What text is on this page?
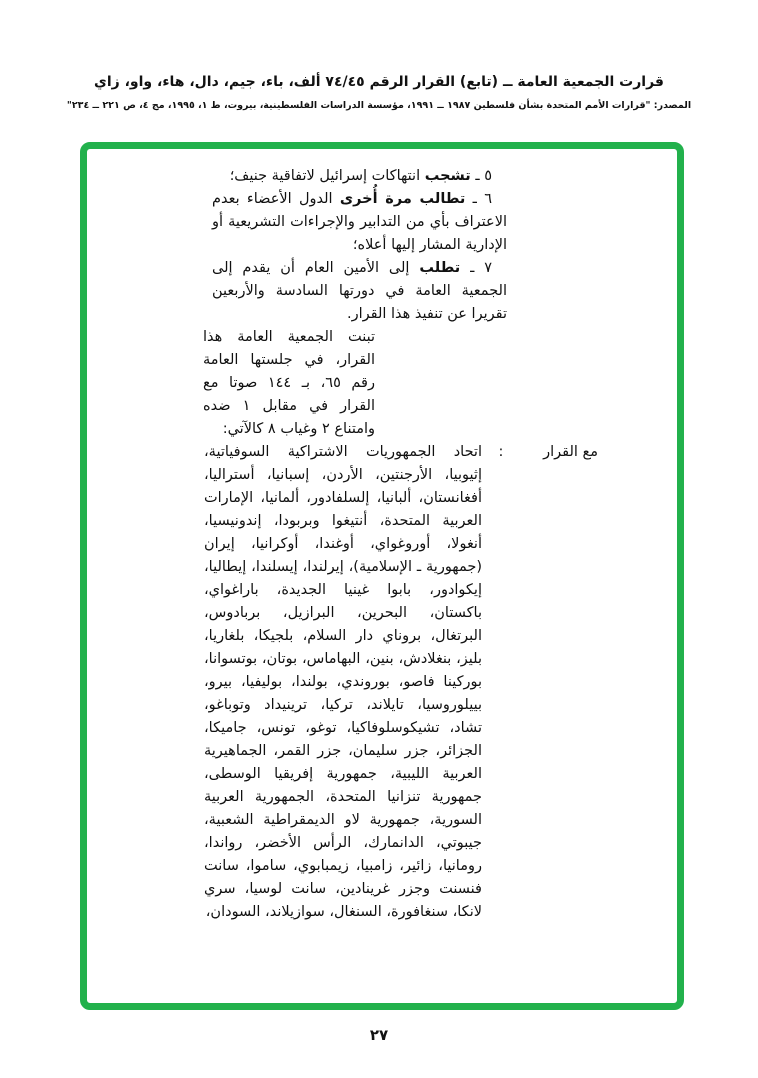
قرارت الجمعية العامة ــ (تابع) القرار الرقم ٧٤/٤٥ ألف، باء، جيم، دال، هاء، واو، زاي

المصدر: "قرارات الأمم المتحدة بشأن فلسطين ١٩٨٧ ــ ١٩٩١، مؤسسة الدراسات الفلسطينية، بيروت، ط ١، ١٩٩٥، مج ٤، ص ٢٢١ ــ ٢٣٤"

٥ ـ تشجب انتهاكات إسرائيل لاتفاقية جنيف؛

٦ ـ تطالب مرة أُخرى الدول الأعضاء بعدم الاعتراف بأي من التدابير والإجراءات التشريعية أو الإدارية المشار إليها أعلاه؛

٧ ـ تطلب إلى الأمين العام أن يقدم إلى الجمعية العامة في دورتها السادسة والأربعين تقريرا عن تنفيذ هذا القرار.

تبنت الجمعية العامة هذا القرار، في جلستها العامة رقم ٦٥، بـ ١٤٤ صوتا مع القرار في مقابل ١ ضده وامتناع ٢ وغياب ٨ كالآتي:

مع القرار
:

اتحاد الجمهوريات الاشتراكية السوفياتية، إثيوبيا، الأرجنتين، الأردن، إسبانيا، أستراليا، أفغانستان، ألبانيا، إلسلفادور، ألمانيا، الإمارات العربية المتحدة، أنتيغوا وبربودا، إندونيسيا، أنغولا، أوروغواي، أوغندا، أوكرانيا، إيران (جمهورية ـ الإسلامية)، إيرلندا، إيسلندا، إيطاليا، إيكوادور، بابوا غينيا الجديدة، باراغواي، باكستان، البحرين، البرازيل، بربادوس، البرتغال، بروناي دار السلام، بلجيكا، بلغاريا، بليز، بنغلادش، بنين، البهاماس، بوتان، بوتسوانا، بوركينا فاصو، بوروندي، بولندا، بوليفيا، بيرو، بييلوروسيا، تايلاند، تركيا، ترينيداد وتوباغو، تشاد، تشيكوسلوفاكيا، توغو، تونس، جاميكا، الجزائر، جزر سليمان، جزر القمر، الجماهيرية العربية الليبية، جمهورية إفريقيا الوسطى، جمهورية تنزانيا المتحدة، الجمهورية العربية السورية، جمهورية لاو الديمقراطية الشعبية، جيبوتي، الدانمارك، الرأس الأخضر، رواندا، رومانيا، زائير، زامبيا، زيمبابوي، ساموا، سانت فنسنت وجزر غرينادين، سانت لوسيا، سري لانكا، سنغافورة، السنغال، سوازيلاند، السودان،

٢٧
